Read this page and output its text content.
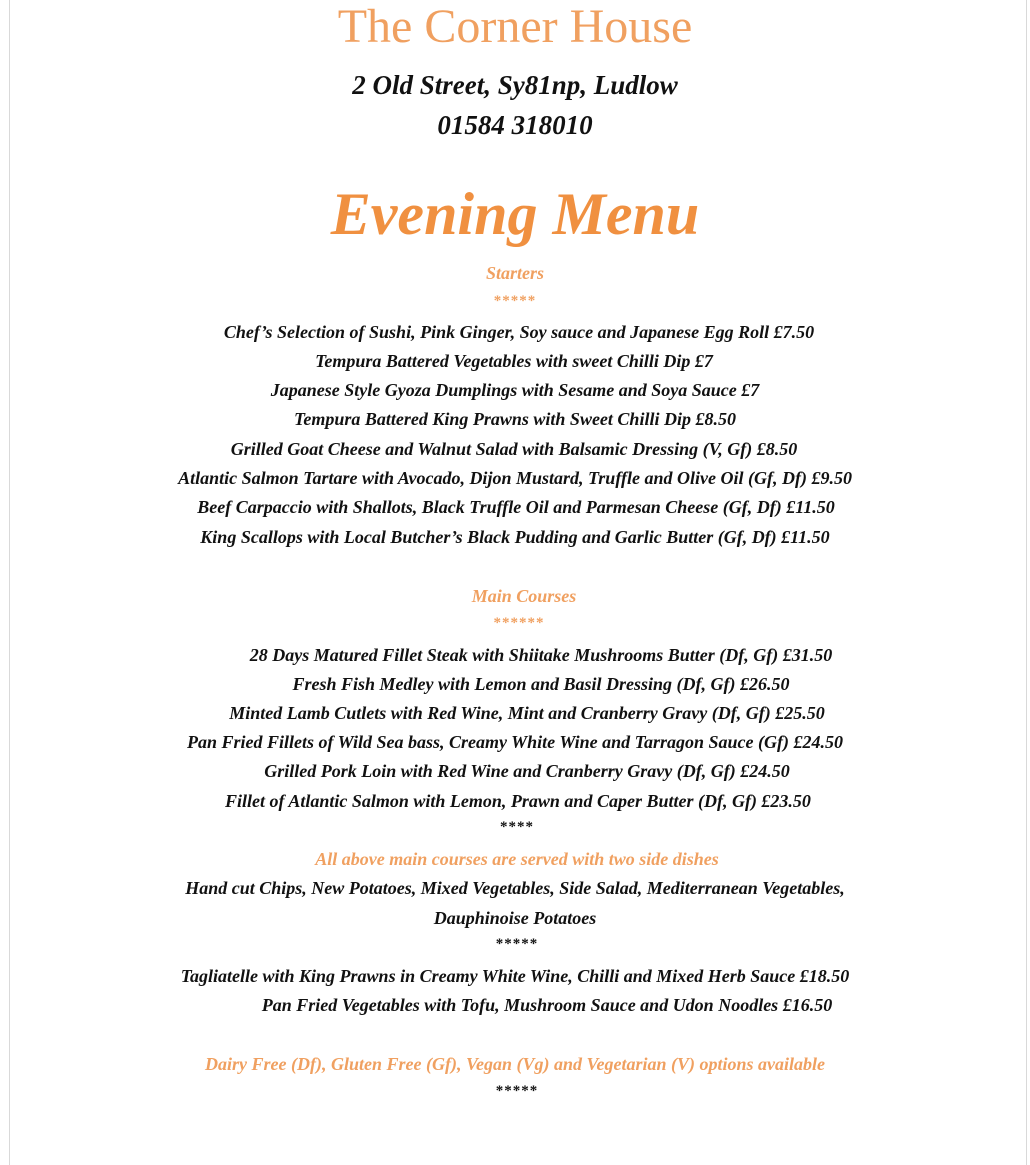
The Corner House
2 Old Street, Sy81np, Ludlow
01584 318010
Evening Menu
Starters
*****
Chef’s Selection of Sushi, Pink Ginger, Soy sauce and Japanese Egg Roll £7.50
Tempura Battered Vegetables with sweet Chilli Dip £7
Japanese Style Gyoza Dumplings with Sesame and Soya Sauce £7
Tempura Battered King Prawns with Sweet Chilli Dip £8.50
Grilled Goat Cheese and Walnut Salad with Balsamic Dressing (V, Gf) £8.50
Atlantic Salmon Tartare with Avocado, Dijon Mustard, Truffle and Olive Oil (Gf, Df) £9.50
Beef Carpaccio with Shallots, Black Truffle Oil and Parmesan Cheese (Gf, Df) £11.50
King Scallops with Local Butcher’s Black Pudding and Garlic Butter (Gf, Df) £11.50
Main Courses
******
28 Days Matured Fillet Steak with Shiitake Mushrooms Butter (Df, Gf) £31.50
Fresh Fish Medley with Lemon and Basil Dressing (Df, Gf) £26.50
Minted Lamb Cutlets with Red Wine, Mint and Cranberry Gravy (Df, Gf) £25.50
Pan Fried Fillets of Wild Sea bass, Creamy White Wine and Tarragon Sauce (Gf) £24.50
Grilled Pork Loin with Red Wine and Cranberry Gravy (Df, Gf) £24.50
Fillet of Atlantic Salmon with Lemon, Prawn and Caper Butter (Df, Gf) £23.50
****
All above main courses are served with two side dishes
Hand cut Chips, New Potatoes, Mixed Vegetables, Side Salad, Mediterranean Vegetables,
Dauphinoise Potatoes
*****
Tagliatelle with King Prawns in Creamy White Wine, Chilli and Mixed Herb Sauce £18.50
Pan Fried Vegetables with Tofu, Mushroom Sauce and Udon Noodles £16.50
Dairy Free (Df), Gluten Free (Gf), Vegan (Vg) and Vegetarian (V) options available
*****
